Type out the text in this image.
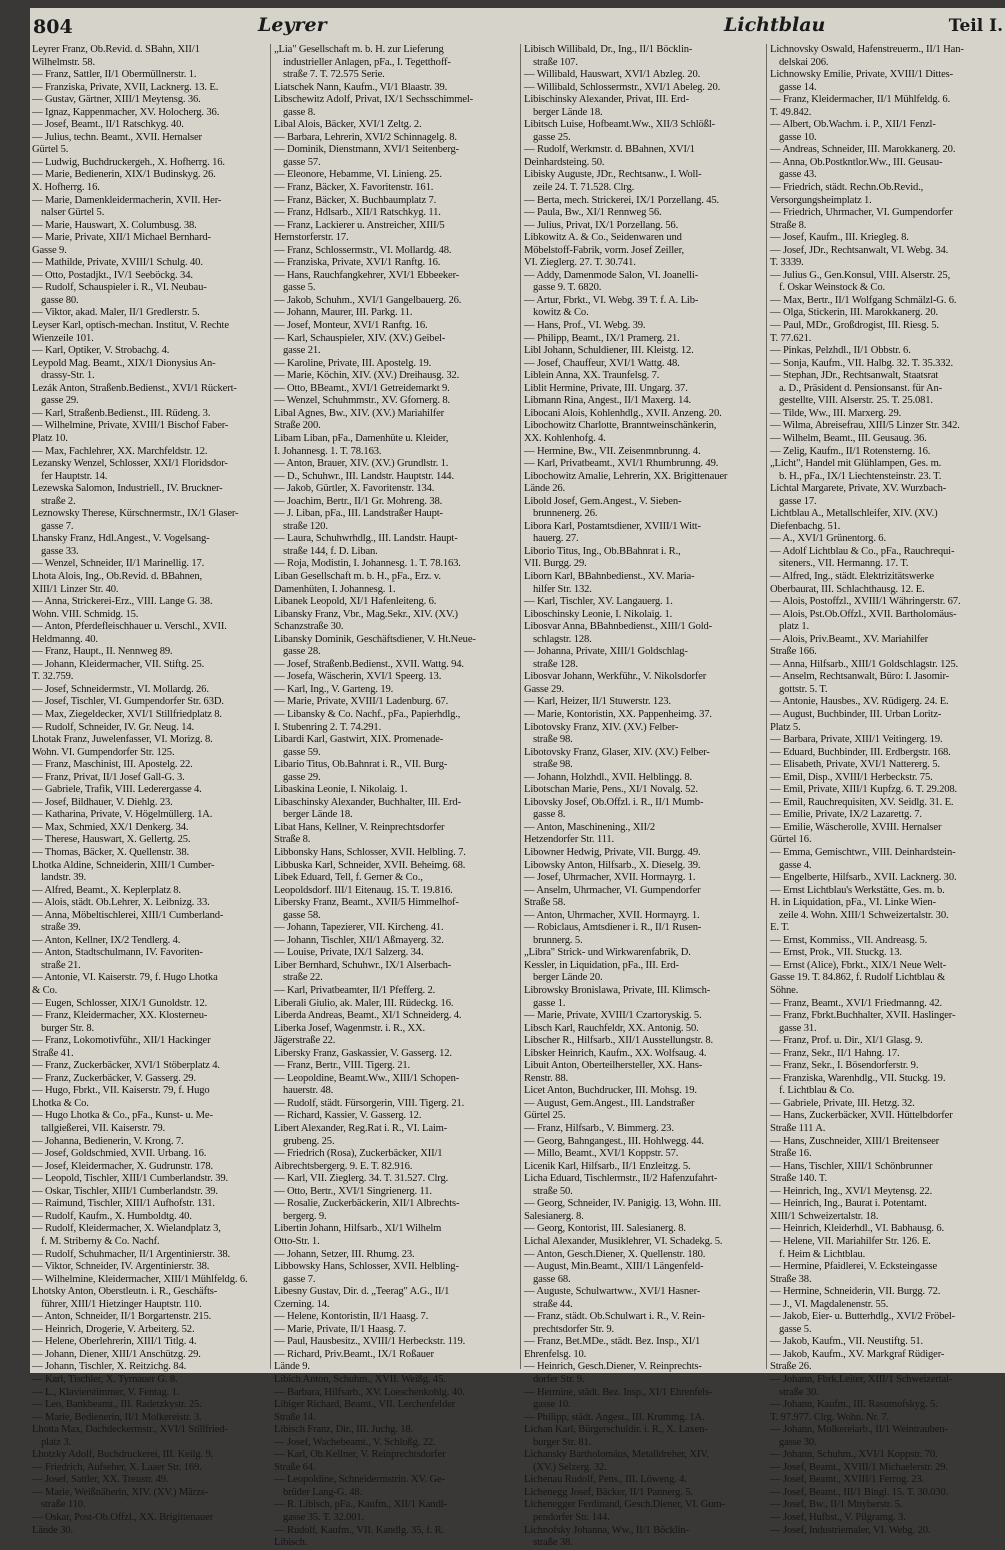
804	Leyrer	Lichtblau	Teil I.
Leyrer Franz, Ob.Revid. d. SBahn, XII/1
Wilhelmstr. 58.
— Franz, Sattler, II/1 Obermüllnerstr. 1.
— Franziska, Private, XVII, Lacknerg. 13. E.
— Gustav, Gärtner, XIII/1 Meytensg. 36.
— Ignaz, Kappenmacher, XV. Holocherg. 36.
— Josef, Beamt., II/1 Ratschkyg. 40.
— Julius, techn. Beamt., XVII. Hernalser
Gürtel 5.
— Ludwig, Buchdruckergeh., X. Hofherrg. 16.
— Marie, Bedienerin, XIX/1 Budinskyg. 26.
X. Hofherrg. 16.
— Marie, Damenkleidermacherin, XVII. Her-
nalser Gürtel 5.
— Marie, Hauswart, X. Columbusg. 38.
— Marie, Private, XII/1 Michael Bernhard-
Gasse 9.
— Mathilde, Private, XVIII/1 Schulg. 40.
— Otto, Postadjkt., IV/1 Seeböckg. 34.
— Rudolf, Schauspieler i. R., VI. Neubau-
gasse 80.
— Viktor, akad. Maler, II/1 Gredlerstr. 5.
Leyser Karl, optisch-mechan. Institut, V. Rechte
Wienzeile 101.
— Karl, Optiker, V. Strobachg. 4.
Leypold Mag. Beamt., XIX/1 Dionysius An-
drassy-Str. 1.
Lezák Anton, Straßenb.Bedienst., XVI/1 Rückert-
gasse 29.
— Karl, Straßenb.Bedienst., III. Rüdeng. 3.
— Wilhelmine, Private, XVIII/1 Bischof Faber-
Platz 10.
— Max, Fachlehrer, XX. Marchfeldstr. 12.
Lezansky Wenzel, Schlosser, XXI/1 Floridsdor-
fer Hauptstr. 14.
Lezewska Salomon, Industriell., IV. Bruckner-
straße 2.
Leznowsky Therese, Kürschnermstr., IX/1 Glaser-
gasse 7.
Lhansky Franz, Hdl.Angest., V. Vogelsang-
gasse 33.
— Wenzel, Schneider, II/1 Marinellig. 17.
Lhota Alois, Ing., Ob.Revid. d. BBahnen,
XIII/1 Linzer Str. 40.
— Anna, Strickerei-Erz., VIII. Lange G. 38.
Wohn. VIII. Schmidg. 15.
— Anton, Pferdefleischhauer u. Verschl., XVII.
Heldmanng. 40.
— Franz, Haupt., II. Nennweg 89.
— Johann, Kleidermacher, VII. Stiftg. 25.
T. 32.759.
— Josef, Schneidermstr., VI. Mollardg. 26.
— Josef, Tischler, VI. Gumpendorfer Str. 63D.
— Max, Ziegeldecker, XVI/1 Stillfriedplatz 8.
— Rudolf, Schneider, IV. Gr. Neug. 14.
Lhotak Franz, Juwelenfasser, VI. Morizg. 8.
Wohn. VI. Gumpendorfer Str. 125.
— Franz, Maschinist, III. Apostelg. 22.
— Franz, Privat, II/1 Josef Gall-G. 3.
— Gabriele, Trafik, VIII. Lederergasse 4.
— Josef, Bildhauer, V. Diehlg. 23.
— Katharina, Private, V. Högelmüllerg. 1A.
— Max, Schmied, XX/1 Denkerg. 34.
— Therese, Hauswart, X. Gellertg. 25.
— Thomas, Bäcker, X. Quellenstr. 38.
Lhotka Aldine, Schneiderin, XIII/1 Cumber-
landstr. 39.
— Alfred, Beamt., X. Keplerplatz 8.
— Alois, städt. Ob.Lehrer, X. Leibnizg. 33.
— Anna, Möbeltischlerei, XIII/1 Cumberland-
straße 39.
— Anton, Kellner, IX/2 Tendlerg. 4.
— Anton, Stadtschulmann, IV. Favoriten-
straße 21.
— Antonie, VI. Kaiserstr. 79, f. Hugo Lhotka
& Co.
— Eugen, Schlosser, XIX/1 Gunoldstr. 12.
— Franz, Kleidermacher, XX. Klosterneu-
burger Str. 8.
— Franz, Lokomotivführ., XII/1 Hackinger
Straße 41.
— Franz, Zuckerbäcker, XVI/1 Stöberplatz 4.
— Franz, Zuckerbäcker, V. Gasserg. 29.
— Hugo, Fbrkt., VII. Kaiserstr. 79, f. Hugo
Lhotka & Co.
— Hugo Lhotka & Co., pFa., Kunst- u. Me-
tallgießerei, VII. Kaiserstr. 79.
— Johanna, Bedienerin, V. Krong. 7.
— Josef, Goldschmied, XVII. Urbang. 16.
— Josef, Kleidermacher, X. Gudrunstr. 178.
— Leopold, Tischler, XIII/1 Cumberlandstr. 39.
— Oskar, Tischler, XIII/1 Cumberlandstr. 39.
— Raimund, Tischler, XIII/1 Aufhofstr. 131.
— Rudolf, Kaufm., X. Humboldtg. 40.
— Rudolf, Kleidermacher, X. Wielandplatz 3,
f. M. Striberny & Co. Nachf.
— Rudolf, Schuhmacher, II/1 Argentinierstr. 38.
— Viktor, Schneider, IV. Argentinierstr. 38.
— Wilhelmine, Kleidermacher, XIII/1 Mühlfeldg. 6.
Lhotsky Anton, Oberstleutn. i. R., Geschäfts-
führer, XIII/1 Hietzinger Hauptstr. 110.
— Anton, Schneider, II/1 Borgartenstr. 215.
— Heinrich, Drogerie, V. Arbeiterg. 52.
— Helene, Oberlehrerin, XIII/1 Titlg. 4.
— Johann, Diener, XIII/1 Anschützg. 29.
— Johann, Tischler, X. Reitzichg. 84.
— Karl, Tischler, X. Tyrnauer G. 8.
— L., Klavierstimmer, V. Fentag. 1.
— Leo, Bankbeamt., III. Radetzkystr. 25.
— Marie, Bedienerin, II/1 Molkereistr. 3.
Lhotta Max, Dachdeckermstr., XVI/1 Stillfried-
platz 3.
Lhotzky Adolf, Buchdruckerei, III. Keilg. 9.
— Friedrich, Aufseher, X. Laaer Str. 169.
— Josef, Sattler, XX. Treustr. 49.
— Marie, Weißnäherin, XIV. (XV.) Märzs-
straße 110.
— Oskar, Post-Ob.Offzl., XX. Brigittenauer
Lände 30.
„Lia" Gesellschaft m. b. H. zur Lieferung
industrieller Anlagen, pFa., I. Tegetthoff-
straße 7. T. 72.575 Serie.
Liatschek Nann, Kaufm., VI/1 Blaastr. 39.
Libschewitz Adolf, Privat, IX/1 Sechsschimmel-
gasse 8.
Libal Alois, Bäcker, XVI/1 Zeltg. 2.
— Barbara, Lehrerin, XVI/2 Schinnagelg. 8.
— Dominik, Dienstmann, XVI/1 Seitenberg-
gasse 57.
— Eleonore, Hebamme, VI. Linieng. 25.
— Franz, Bäcker, X. Favoritenstr. 161.
— Franz, Bäcker, X. Buchbaumplatz 7.
— Franz, Hdlsarb., XII/1 Ratschkyg. 11.
— Franz, Lackierer u. Anstreicher, XIII/5
Hernstorferstr. 17.
— Franz, Schlossermstr., VI. Mollardg. 48.
— Franziska, Private, XVI/1 Ranftg. 16.
— Hans, Rauchfangkehrer, XVI/1 Ebbeeker-
gasse 5.
— Jakob, Schuhm., XVI/1 Gangelbauerg. 26.
— Johann, Maurer, III. Parkg. 11.
— Josef, Monteur, XVI/1 Ranftg. 16.
— Karl, Schauspieler, XIV. (XV.) Geibel-
gasse 21.
— Karoline, Private, III. Apostelg. 19.
— Marie, Köchin, XIV. (XV.) Dreihausg. 32.
— Otto, BBeamt., XVI/1 Getreidemarkt 9.
— Wenzel, Schuhmmstr., XV. Gfornerg. 8.
Libal Agnes, Bw., XIV. (XV.) Mariahilfer
Straße 200.
Libam Liban, pFa., Damenhüte u. Kleider,
I. Johannesg. 1. T. 78.163.
— Anton, Brauer, XIV. (XV.) Grundlstr. 1.
— D., Schuhwr., III. Landstr. Hauptstr. 144.
— Jakob, Gürtler, X. Favoritenstr. 134.
— Joachim, Bertr., II/1 Gr. Mohreng. 38.
— J. Liban, pFa., III. Landstraßer Haupt-
straße 120.
— Laura, Schuhwrhdlg., III. Landstr. Haupt-
straße 144, f. D. Liban.
— Roja, Modistin, I. Johannesg. 1. T. 78.163.
Liban Gesellschaft m. b. H., pFa., Erz. v.
Damenhüten, I. Johannesg. 1.
Libanek Leopold, XI/1 Hafenleiteng. 6.
Libansky Franz, Vbr., Mag.Sekr., XIV. (XV.)
Schanzstraße 30.
Libansky Dominik, Geschäftsdiener, V. Ht.Neue-
gasse 28.
— Josef, Straßenb.Bedienst., XVII. Wattg. 94.
— Josefa, Wäscherin, XVI/1 Speerg. 13.
— Karl, Ing., V. Garteng. 19.
— Marie, Private, XVIII/1 Ladenburg. 67.
— Libansky & Co. Nachf., pFa., Papierhdlg.,
I. Stubenring 2. T. 74.291.
Libardi Karl, Gastwirt, XIX. Promenade-
gasse 59.
Libario Titus, Ob.Bahnrat i. R., VII. Burg-
gasse 29.
Libaskina Leonie, I. Nikolaig. 1.
Libaschinsky Alexander, Buchhalter, III. Erd-
berger Lände 18.
Libat Hans, Kellner, V. Reinprechtsdorfer
Straße 8.
Libbonsky Hans, Schlosser, XVII. Helbling. 7.
Libbuska Karl, Schneider, XVII. Beheimg. 68.
Libek Eduard, Tell, f. Gerner & Co.,
Leopoldsdorf. III/1 Eitenaug. 15. T. 19.816.
Libersky Franz, Beamt., XVII/5 Himmelhof-
gasse 58.
— Johann, Tapezierer, VII. Kircheng. 41.
— Johann, Tischler, XII/1 Aßmayerg. 32.
— Louise, Private, IX/1 Salzerg. 34.
Liber Bernhard, Schuhwr., IX/1 Alserbach-
straße 22.
— Karl, Privatbeamter, II/1 Pfefferg. 2.
Liberali Giulio, ak. Maler, III. Rüdeckg. 16.
Liberda Andreas, Beamt., XI/1 Schneiderg. 4.
Liberka Josef, Wagenmstr. i. R., XX.
Jägerstraße 22.
Libersky Franz, Gaskassier, V. Gasserg. 12.
— Franz, Bertr., VIII. Tigerg. 21.
— Leopoldine, Beamt.Ww., XIII/1 Schopen-
hauerstr. 48.
— Rudolf, städt. Fürsorgerin, VIII. Tigerg. 21.
— Richard, Kassier, V. Gasserg. 12.
Libert Alexander, Reg.Rat i. R., VI. Laim-
grubeng. 25.
— Friedrich (Rosa), Zuckerbäcker, XII/1
Aibrechtsbergerg. 9. E. T. 82.916.
— Karl, VII. Zieglerg. 34. T. 31.527. Clrg.
— Otto, Bertr., XVI/1 Singrienerg. 11.
— Rosalie, Zuckerbäckerin, XII/1 Albrechts-
bergerg. 9.
Libertin Johann, Hilfsarb., XI/1 Wilhelm
Otto-Str. 1.
— Johann, Setzer, III. Rhumg. 23.
Libbowsky Hans, Schlosser, XVII. Helbling-
gasse 7.
Libesny Gustav, Dir. d. „Teerag" A.G., II/1
Czerning. 14.
— Helene, Kontoristin, II/1 Haasg. 7.
— Marie, Private, II/1 Haasg. 7.
— Paul, Hausbesitz., XVIII/1 Herbeckstr. 119.
— Richard, Priv.Beamt., IX/1 Roßauer
Lände 9.
Libich Anton, Schuhm., XVII. Weißg. 45.
— Barbara, Hilfsarb., XV. Loeschenkohlg. 40.
Libiger Richard, Beamt., VII. Lerchenfelder
Straße 14.
Libisch Franz, Dir., III. Juchg. 18.
— Josef, Wachebeamt., V. Schloßg. 22.
— Karl, Ob.Kellner, V. Reinprechtsdorfer
Straße 64.
— Leopoldine, Schneidermstrin. XV. Ge-
brüder Lang-G. 48.
— R. Libisch, pFa., Kaufm., XII/1 Kandl-
gasse 35. T. 32.001.
— Rudolf, Kaufm., VII. Kandlg. 35, f. R.
Libisch.
Libisch Willibald, Dr., Ing., II/1 Böcklin-
straße 107.
— Willibald, Hauswart, XVI/1 Abzleg. 20.
— Willibald, Schlossermstr., XVI/1 Abeleg. 20.
Libischinsky Alexander, Privat, III. Erd-
berger Lände 18.
Libitsch Luise, Hofbeamt.Ww., XII/3 Schlößl-
gasse 25.
— Rudolf, Werkmstr. d. BBahnen, XVI/1
Deinhardsteing. 50.
Libisky Auguste, JDr., Rechtsanw., I. Woll-
zeile 24. T. 71.528. Clrg.
— Berta, mech. Strickerei, IX/1 Porzellang. 45.
— Paula, Bw., XI/1 Rennweg 56.
— Julius, Privat, IX/1 Porzellang. 56.
Libkowitz A. & Co., Seidenwaren und
Möbelstoff-Fabrik, vorm. Josef Zeiller,
VI. Zieglerg. 27. T. 30.741.
— Addy, Damenmode Salon, VI. Joanelli-
gasse 9. T. 6820.
— Artur, Fbrkt., VI. Webg. 39 T. f. A. Lib-
kowitz & Co.
— Hans, Prof., VI. Webg. 39.
— Philipp, Beamt., IX/1 Pramerg. 21.
Libl Johann, Schuldiener, III. Kleistg. 12.
— Josef, Chauffeur, XVI/1 Wattg. 48.
Liblein Anna, XX. Traunfelsg. 7.
Liblit Hermine, Private, III. Ungarg. 37.
Libmann Rina, Angest., II/1 Maxerg. 14.
Libocani Alois, Kohlenhdlg., XVII. Anzeng. 20.
Libochowitz Charlotte, Branntweinschänkerin,
XX. Kohlenhofg. 4.
— Hermine, Bw., VII. Zeisenmnbrunng. 4.
— Karl, Privatbeamt., XVI/1 Rhumbrunng. 49.
Libochowitz Amalie, Lehrerin, XX. Brigittenauer
Lände 26.
Libold Josef, Gem.Angest., V. Sieben-
brunnenerg. 26.
Libora Karl, Postamtsdiener, XVIII/1 Witt-
hauerg. 27.
Liborio Titus, Ing., Ob.BBahnrat i. R.,
VII. Burgg. 29.
Liborn Karl, BBahnbedienst., XV. Maria-
hilfer Str. 132.
— Karl, Tischler, XV. Langauerg. 1.
Liboschinsky Leonie, I. Nikolaig. 1.
Libosvar Anna, BBahnbedienst., XIII/1 Gold-
schlagstr. 128.
— Johanna, Private, XIII/1 Goldschlag-
straße 128.
Libosvar Johann, Werkführ., V. Nikolsdorfer
Gasse 29.
— Karl, Heizer, II/1 Stuwerstr. 123.
— Marie, Kontoristin, XX. Pappenheimg. 37.
Libotovsky Franz, XIV. (XV.) Felber-
straße 98.
Libotovsky Franz, Glaser, XIV. (XV.) Felber-
straße 98.
— Johann, Holzhdl., XVII. Helblingg. 8.
Libotschan Marie, Pens., XI/1 Novalg. 52.
Libovsky Josef, Ob.Offzl. i. R., II/1 Mumb-
gasse 8.
— Anton, Maschinening., XII/2
Hetzendorfer Str. 111.
Libowner Hedwig, Private, VII. Burgg. 49.
Libowsky Anton, Hilfsarb., X. Dieselg. 39.
— Josef, Uhrmacher, XVII. Hormayrg. 1.
— Anselm, Uhrmacher, VI. Gumpendorfer
Straße 58.
— Anton, Uhrmacher, XVII. Hormayrg. 1.
— Robiclaus, Amtsdiener i. R., II/1 Rusen-
brunnerg. 5.
„Libra" Strick- und Wirkwarenfabrik, D.
Kessler, in Liquidation, pFa., III. Erd-
berger Lände 20.
Librowsky Bronislawa, Private, III. Klimsch-
gasse 1.
— Marie, Private, XVIII/1 Czartoryskig. 5.
Libsch Karl, Rauchfeldr, XX. Antonig. 50.
Libscher R., Hilfsarb., XII/1 Ausstellungstr. 8.
Libsker Heinrich, Kaufm., XX. Wolfsaug. 4.
Libuit Anton, Oberteilhersteller, XX. Hans-
Renstr. 88.
Licet Anton, Buchdrucker, III. Mohsg. 19.
— August, Gem.Angest., III. Landstraßer
Gürtel 25.
— Franz, Hilfsarb., V. Bimmerg. 23.
— Georg, Bahngangest., III. Hohlwegg. 44.
— Millo, Beamt., XVI/1 Koppstr. 57.
Licenik Karl, Hilfsarb., II/1 Enzleitzg. 5.
Licha Eduard, Tischlermstr., II/2 Hafenzufahrt-
straße 50.
— Georg, Schneider, IV. Panigig. 13, Wohn. III.
Salesianerg. 8.
— Georg, Kontorist, III. Salesianerg. 8.
Lichal Alexander, Musiklehrer, VI. Schadekg. 5.
— Anton, Gesch.Diener, X. Quellenstr. 180.
— August, Min.Beamt., XIII/1 Längenfeld-
gasse 68.
— Auguste, Schulwartww., XVI/1 Hasner-
straße 44.
— Franz, städt. Ob.Schulwart i. R., V. Rein-
prechtsdorfer Str. 9.
— Franz, Bet.MDe., städt. Bez. Insp., XI/1
Ehrenfelsg. 10.
— Heinrich, Gesch.Diener, V. Reinprechts-
dorfer Str. 9.
— Hermine, städt. Bez. Insp., XI/1 Ehrenfels-
gasse 10.
— Philipp, städt. Angest., III. Krummg. 1A.
Lichan Karl, Bürgerschuldir. i. R., X. Laxen-
burger Str. 81.
Lichansky Bartholomäus, Metalldreher, XIV.
(XV.) Selzerg. 32.
Lichenau Rudolf, Pens., III. Löweng. 4.
Lichenegg Josef, Bäcker, II/1 Pannerg. 5.
Lichenegger Ferdinand, Gesch.Diener, VI. Gum-
pendorfer Str. 144.
Lichnofsky Johanna, Ww., II/1 Böcklin-
straße 38.
Lichnovsky Oswald, Hafenstreuerm., II/1 Han-
delskai 206.
Lichnowsky Emilie, Private, XVIII/1 Dittes-
gasse 14.
— Franz, Kleidermacher, II/1 Mühlfeldg. 6.
T. 49.842.
— Albert, Ob.Wachm. i. P., XII/1 Fenzl-
gasse 10.
— Andreas, Schneider, III. Marokkanerg. 20.
— Anna, Ob.Postkntlor.Ww., III. Geusau-
gasse 43.
— Friedrich, städt. Rechn.Ob.Revid.,
Versorgungsheimplatz 1.
— Friedrich, Uhrmacher, VI. Gumpendorfer
Straße 8.
— Josef, Kaufm., III. Kriegleg. 8.
— Josef, JDr., Rechtsanwalt, VI. Webg. 34.
T. 3339.
— Julius G., Gen.Konsul, VIII. Alserstr. 25,
f. Oskar Weinstock & Co.
— Max, Bertr., II/1 Wolfgang Schmälzl-G. 6.
— Olga, Stickerin, III. Marokkanerg. 20.
— Paul, MDr., Großdrogist, III. Riesg. 5.
T. 77.621.
— Pinkas, Pelzhdl., II/1 Obbstr. 6.
— Sonja, Kaufm., VII. Halbg. 32. T. 35.332.
— Stephan, JDr., Rechtsanwalt, Staatsrat
a. D., Präsident d. Pensionsanst. für An-
gestellte, VIII. Alserstr. 25. T. 25.081.
— Tilde, Ww., III. Marxerg. 29.
— Wilma, Abreisefrau, XIII/5 Linzer Str. 342.
— Wilhelm, Beamt., III. Geusaug. 36.
— Zelig, Kaufm., II/1 Rotensterng. 16.
„Licht", Handel mit Glühlampen, Ges. m.
b. H., pFa., IX/1 Liechtensteinstr. 23. T.
Lichtal Margarete, Private, XV. Wurzbach-
gasse 17.
Lichtblau A., Metallschleifer, XIV. (XV.)
Diefenbachg. 51.
— A., XVI/1 Grünentorg. 6.
— Adolf Lichtblau & Co., pFa., Rauchrequi-
siteners., VII. Hermanng. 17. T.
— Alfred, Ing., städt. Elektrizitätswerke
Oberbaurat, III. Schlachthausg. 12. E.
— Alois, Postoffzl., XVIII/1 Währingerstr. 67.
— Alois, Pst.Ob.Offzl., XVII. Bartholomäus-
platz 1.
— Alois, Priv.Beamt., XV. Mariahilfer
Straße 166.
— Anna, Hilfsarb., XIII/1 Goldschlagstr. 125.
— Anselm, Rechtsanwalt, Büro: I. Jasomir-
gottstr. 5. T.
— Antonie, Hausbes., XV. Rüdigerg. 24. E.
— August, Buchbinder, III. Urban Loritz-
Platz 5.
— Barbara, Private, XIII/1 Veitingerg. 19.
— Eduard, Buchbinder, III. Erdbergstr. 168.
— Elisabeth, Private, XVI/1 Nattererg. 5.
— Emil, Disp., XVIII/1 Herbeckstr. 75.
— Emil, Private, XIII/1 Kupfzg. 6. T. 29.208.
— Emil, Rauchrequisiten, XV. Seidlg. 31. E.
— Emilie, Private, IX/2 Lazarettg. 7.
— Emilie, Wäscherolle, XVIII. Hernalser
Gürtel 16.
— Emma, Gemischtwr., VIII. Deinhardstein-
gasse 4.
— Engelberte, Hilfsarb., XVII. Lacknerg. 30.
— Ernst Lichtblau's Werkstätte, Ges. m. b.
H. in Liquidation, pFa., VI. Linke Wien-
zeile 4. Wohn. XIII/1 Schweizertalstr. 30.
E. T.
— Ernst, Kommiss., VII. Andreasg. 5.
— Ernst, Prok., VII. Stuckg. 13.
— Ernst (Alice), Fbrkt., XIX/1 Neue Welt-
Gasse 19. T. 84.862, f. Rudolf Lichtblau &
Söhne.
— Franz, Beamt., XVI/1 Friedmanng. 42.
— Franz, Fbrkt.Buchhalter, XVII. Haslinger-
gasse 31.
— Franz, Prof. u. Dir., XI/1 Glasg. 9.
— Franz, Sekr., II/1 Hahng. 17.
— Franz, Sekr., I. Bösendorferstr. 9.
— Franziska, Warenhdlg., VII. Stuckg. 19.
f. Lichtblau & Co.
— Gabriele, Private, III. Hetzg. 32.
— Hans, Zuckerbäcker, XVII. Hüttelbdorfer
Straße 111 A.
— Hans, Zuschneider, XIII/1 Breitenseer
Straße 16.
— Hans, Tischler, XIII/1 Schönbrunner
Straße 140. T.
— Heinrich, Ing., XVI/1 Meytensg. 22.
— Heinrich, Ing., Baurat i. Potentamt.
XIII/1 Schweizertalstr. 18.
— Heinrich, Kleiderhdl., VI. Babhausg. 6.
— Helene, VII. Mariahilfer Str. 126. E.
f. Heim & Lichtblau.
— Hermine, Pfaidlerei, V. Ecksteingasse
Straße 38.
— Hermine, Schneiderin, VII. Burgg. 72.
— J., VI. Magdalenenstr. 55.
— Jakob, Eier- u. Butterhdlg., XVI/2 Fröbel-
gasse 5.
— Jakob, Kaufm., VII. Neustiftg. 51.
— Jakob, Kaufm., XV. Markgraf Rüdiger-
Straße 26.
— Johann, Fbrk.Leiter, XIII/1 Schweizertal-
straße 30.
— Johann, Kaufm., III. Rasumofskyg. 5.
T. 97.977. Clrg. Wohn. Nr. 7.
— Johann, Molkereiarb., II/1 Weintrauben-
gasse 30.
— Johann, Schuhm., XVI/1 Koppstr. 70.
— Josef, Beamt., XVIII/1 Michaelerstr. 29.
— Josef, Beamt., XVIII/1 Ferrog. 23.
— Josef, Beamt., III/1 Bingl. 15. T. 30.030.
— Josef, Bw., II/1 Mnyberstr. 5.
— Josef, Hufbst., V. Pilgramg. 3.
— Josef, Industriemaler, VI. Webg. 20.
